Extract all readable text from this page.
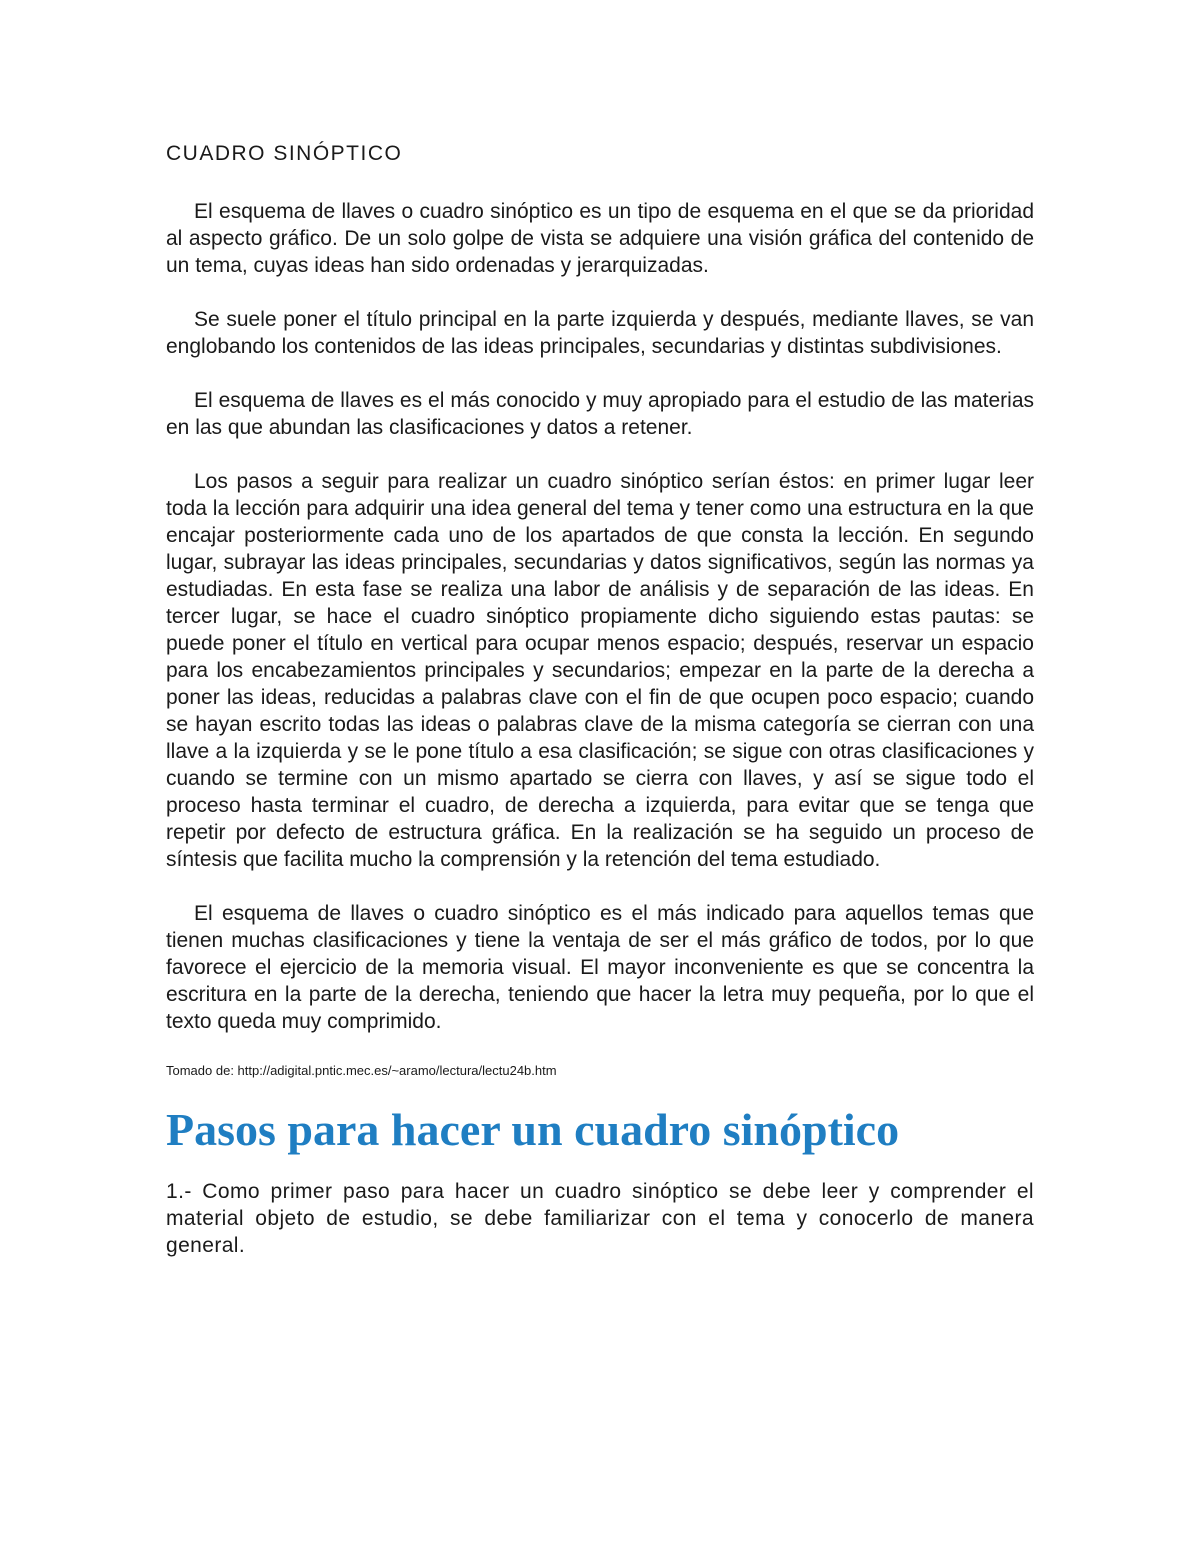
CUADRO SINÓPTICO

El esquema de llaves o cuadro sinóptico es un tipo de esquema en el que se da prioridad al aspecto gráfico. De un solo golpe de vista se adquiere una visión gráfica del contenido de un tema, cuyas ideas han sido ordenadas y jerarquizadas.

Se suele poner el título principal en la parte izquierda y después, mediante llaves, se van englobando los contenidos de las ideas principales, secundarias y distintas subdivisiones.

El esquema de llaves es el más conocido y muy apropiado para el estudio de las materias en las que abundan las clasificaciones y datos a retener.

Los pasos a seguir para realizar un cuadro sinóptico serían éstos: en primer lugar leer toda la lección para adquirir una idea general del tema y tener como una estructura en la que encajar posteriormente cada uno de los apartados de que consta la lección. En segundo lugar, subrayar las ideas principales, secundarias y datos significativos, según las normas ya estudiadas. En esta fase se realiza una labor de análisis y de separación de las ideas. En tercer lugar, se hace el cuadro sinóptico propiamente dicho siguiendo estas pautas: se puede poner el título en vertical para ocupar menos espacio; después, reservar un espacio para los encabezamientos principales y secundarios; empezar en la parte de la derecha a poner las ideas, reducidas a palabras clave con el fin de que ocupen poco espacio; cuando se hayan escrito todas las ideas o palabras clave de la misma categoría se cierran con una llave a la izquierda y se le pone título a esa clasificación; se sigue con otras clasificaciones y cuando se termine con un mismo apartado se cierra con llaves, y así se sigue todo el proceso hasta terminar el cuadro, de derecha a izquierda, para evitar que se tenga que repetir por defecto de estructura gráfica. En la realización se ha seguido un proceso de síntesis que facilita mucho la comprensión y la retención del tema estudiado.

El esquema de llaves o cuadro sinóptico es el más indicado para aquellos temas que tienen muchas clasificaciones y tiene la ventaja de ser el más gráfico de todos, por lo que favorece el ejercicio de la memoria visual. El mayor inconveniente es que se concentra la escritura en la parte de la derecha, teniendo que hacer la letra muy pequeña, por lo que el texto queda muy comprimido.

Tomado de: http://adigital.pntic.mec.es/~aramo/lectura/lectu24b.htm

Pasos para hacer un cuadro sinóptico

1.- Como primer paso para hacer un cuadro sinóptico se debe leer y comprender el material objeto de estudio, se debe familiarizar con el tema y conocerlo de manera general.
